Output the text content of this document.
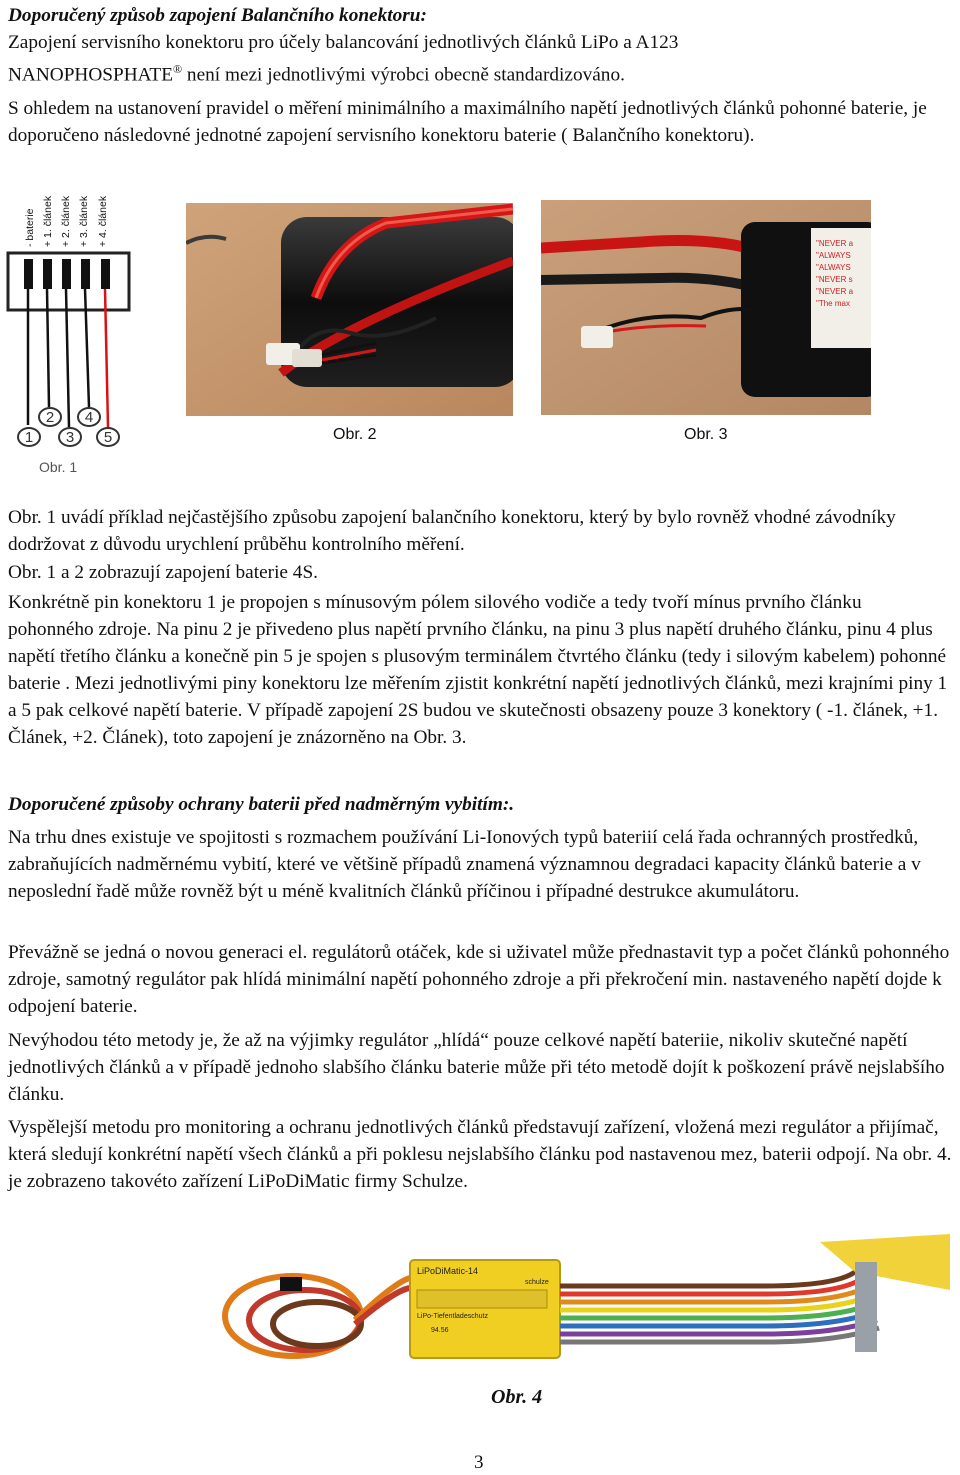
Doporučený způsob zapojení Balančního konektoru:

Zapojení servisního konektoru pro účely balancování jednotlivých článků LiPo a A123
NANOPHOSPHATE® není mezi jednotlivými výrobci obecně standardizováno.

S ohledem na ustanovení pravidel o měření minimálního a maximálního napětí jednotlivých článků pohonné baterie, je doporučeno následovné jednotné zapojení servisního konektoru baterie ( Balančního konektoru).

- baterie + 1. článek + 2. článek + 3. článek + 4. článek
1
2
3
4
5
Obr. 1
"NEVER a
"ALWAYS
"ALWAYS
"NEVER s
"NEVER a
"The max
Obr. 2	Obr. 3

Obr. 1 uvádí příklad nejčastějšího způsobu zapojení balančního konektoru, který by bylo rovněž vhodné závodníky dodržovat z důvodu urychlení průběhu kontrolního měření.

Obr. 1 a 2 zobrazují zapojení baterie 4S.

Konkrétně pin konektoru 1 je propojen s mínusovým pólem silového vodiče a tedy tvoří mínus prvního článku pohonného zdroje. Na pinu 2 je přivedeno plus napětí prvního článku, na pinu 3 plus napětí druhého článku, pinu 4 plus napětí třetího článku a konečně pin 5 je spojen s plusovým terminálem čtvrtého článku (tedy i silovým kabelem) pohonné baterie . Mezi jednotlivými piny konektoru lze měřením zjistit konkrétní napětí jednotlivých článků, mezi krajními piny 1 a 5 pak celkové napětí baterie. V případě zapojení 2S budou ve skutečnosti obsazeny pouze 3 konektory ( -1. článek, +1. Článek, +2. Článek), toto zapojení je znázorněno na Obr. 3.

Doporučené způsoby ochrany baterii před nadměrným vybitím:.

Na trhu dnes existuje ve spojitosti s rozmachem používání Li-Ionových typů bateriií celá řada ochranných prostředků, zabraňujících nadměrnému vybití, které ve většině případů znamená významnou degradaci kapacity článků baterie a v neposlední řadě může rovněž být u méně kvalitních článků příčinou i případné destrukce akumulátoru.

Převážně se jedná o novou generaci el. regulátorů otáček, kde si uživatel může přednastavit typ a počet článků pohonného zdroje, samotný regulátor pak hlídá minimální napětí pohonného zdroje a při překročení min. nastaveného napětí dojde k odpojení baterie.

Nevýhodou této metody je, že až na výjimky regulátor „hlídá“ pouze celkové napětí bateriie, nikoliv skutečné napětí jednotlivých článků a v případě jednoho slabšího článku baterie může při této metodě dojít k poškození právě nejslabšího článku.

Vyspělejší metodu pro monitoring a ochranu jednotlivých článků představují zařízení, vložená mezi regulátor a přijímač, která sledují konkrétní napětí všech článků a při poklesu nejslabšího článku pod nastavenou mez, baterii odpojí. Na obr. 4. je zobrazeno takovéto zařízení LiPoDiMatic firmy Schulze.

LiPoDiMatic-14
schulze
LiPo-Tiefentladeschutz
94.56
Obr. 4
3
